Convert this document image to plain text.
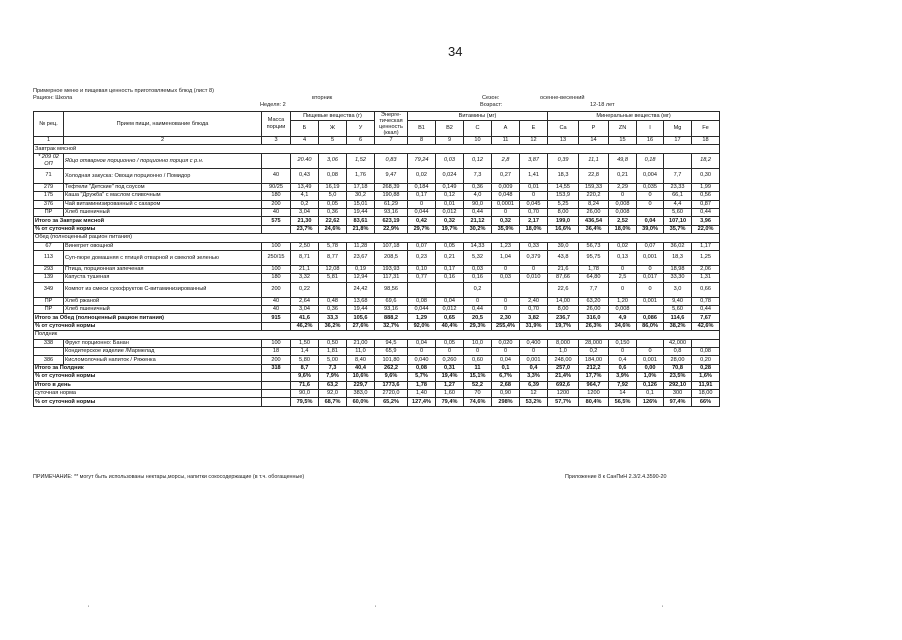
34
Примерное меню и пищевая ценность приготовляемых блюд (лист 8)
Рацион: Школа	вторник	Сезон:	осенне-весенний
Неделя: 2	Возраст:	12-18 лет
№ рец.	Прием пищи, наименование блюда	Масса порции	Пищевые вещества (г)			Энерге-тическая ценность (ккал)	Витамины (мг)					Минеральные вещества (мг)						
			Б	Ж	У		B1	B2	C	A	E	Ca	P	ZN	I	Mg	Fe	
1	2	3	4	5	6	7	8	9	10	11	12	13	14	15	16	17	18	
Завтрак мясной																		
* 209 02 ОП	Яйцо отварное порционно / порционно порция с р.н.		20.40	3,06	1,52	0,83	79,24	0,03	0,12	2,8	3,87	0,39	11,1	49,8	0,18		18,2	
71	Холодная закуска: Овощи порционно / Помидор	40	0,43	0,08	1,76	9,47	0,02	0,024	7,3	0,27	1,41	18,3	22,8	0,21	0,004	7,7	0,30	
279	Тефтели "Детские" под соусом	90/25	13,49	16,19	17,18	268,39	0,184	0,149	0,36	0,009	0,01	14,55	159,33	2,29	0,035	23,33	1,99	
175	Каша "Дружба" с маслом сливочным	180	4,1	5,0	30,2	190,88	0,17	0,12	4,0	0,048	0	153,9	220,2	0	0	66,1	0,56	
376	Чай витаминизированный с сахаром	200	0,2	0,05	15,01	61,29	0	0,01	90,0	0,0001	0,045	5,25	8,24	0,008	0	4,4	0,87	
ПР	Хлеб пшеничный	40	3,04	0,36	19,44	93,16	0,044	0,012	0,44	0	0,70	8,00	26,00	0,008		5,60	0,44	
Итого за Завтрак мясной		575	21,30	22,62	83,61	623,19	0,42	0,32	21,12	0,32	2,17	199,0	436,54	2,52	0,04	107,10	3,96	
% от суточной нормы			23,7%	24,6%	21,8%	22,9%	29,7%	19,7%	30,2%	35,9%	18,0%	16,6%	36,4%	18,0%	39,0%	35,7%	22,0%	
Обед (полноценный рацион питания)																		
67	Винегрет овощной	100	2,50	5,78	11,28	107,18	0,07	0,05	14,33	1,23	0,33	39,0	56,73	0,02	0,07	36,02	1,17	
113	Суп-пюре домашняя с птицей отварной и свеклой зеленью	250/15	8,71	8,77	23,67	208,5	0,23	0,21	5,32	1,04	0,379	43,8	95,75	0,13	0,001	18,3	1,25	
293	Птица, порционная запеченая	100	21,1	12,08	0,19	193,93	0,10	0,17	0,03	0	0	21,6	1,78	0	0	18,98	2,06	
139	Капуста тушеная	180	3,32	5,81	12,94	117,31	0,77	0,16	0,16	0,03	0,010	87,66	64,80	2,5	0,017	33,30	1,31	
349	Компот из смеси сухофруктов С-витаминизированный	200	0,22		24,42	98,56			0,2			22,6	7,7	0	0	3,0	0,66	
ПР	Хлеб ржаной	40	2,64	0,48	13,68	69,6	0,08	0,04	0	0	2,40	14,00	63,20	1,20	0,001	9,40	0,78	
ПР	Хлеб пшеничный	40	3,04	0,36	19,44	93,16	0,044	0,012	0,44	0	0,70	8,00	26,00	0,008		5,60	0,44	
Итого за Обед (полноценный рацион питания)		915	41,6	33,3	105,6	888,2	1,29	0,65	20,5	2,30	3,82	236,7	316,0	4,9	0,086	114,6	7,67	
% от суточной нормы			46,2%	36,2%	27,6%	32,7%	92,0%	40,4%	29,3%	255,4%	31,9%	19,7%	26,3%	34,6%	86,0%	38,2%	42,6%	
Полдник																		
338	Фрукт порционно: Банан	100	1,50	0,50	21,00	94,5	0,04	0,05	10,0	0,020	0,400	8,000	28,000	0,150		42,000		
	Кондитерское изделие /Мармелад	18	1,4	1,81	11,0	65,9	0	0	0	0	0	1,0	0,2	0	0	0,8	0,08	
386	Кисломолочный напиток / Ряженка	200	5,80	5,00	8,40	101,80	0,040	0,260	0,60	0,04	0,001	248,00	184,00	0,4	0,001	28,00	0,20	
Итого за Полдник		318	8,7	7,3	40,4	262,2	0,08	0,31	11	0,1	0,4	257,0	212,2	0,6	0,00	70,8	0,28	
% от суточной нормы			9,6%	7,9%	10,6%	9,6%	5,7%	19,4%	15,1%	6,7%	3,3%	21,4%	17,7%	3,9%	1,0%	23,5%	1,6%	
Итого в день			71,6	63,2	229,7	1773,6	1,78	1,27	52,2	2,68	6,39	692,6	964,7	7,92	0,126	292,10	11,91	
суточная норма			90,0	92,0	383,0	2720,0	1,40	1,60	70	0,90	12	1200	1200	14	0,1	300	18,00	
% от суточной нормы			79,5%	68,7%	60,0%	65,2%	127,4%	79,4%	74,6%	298%	53,2%	57,7%	80,4%	56,5%	126%	97,4%	66%	
ПРИМЕЧАНИЕ: ** могут быть использованы нектары,морсы, напитки сокосодержащие (в т.ч. обогащенные)	Приложение 8 к СанПиН 2.3/2.4.3590-20
'	'	'
